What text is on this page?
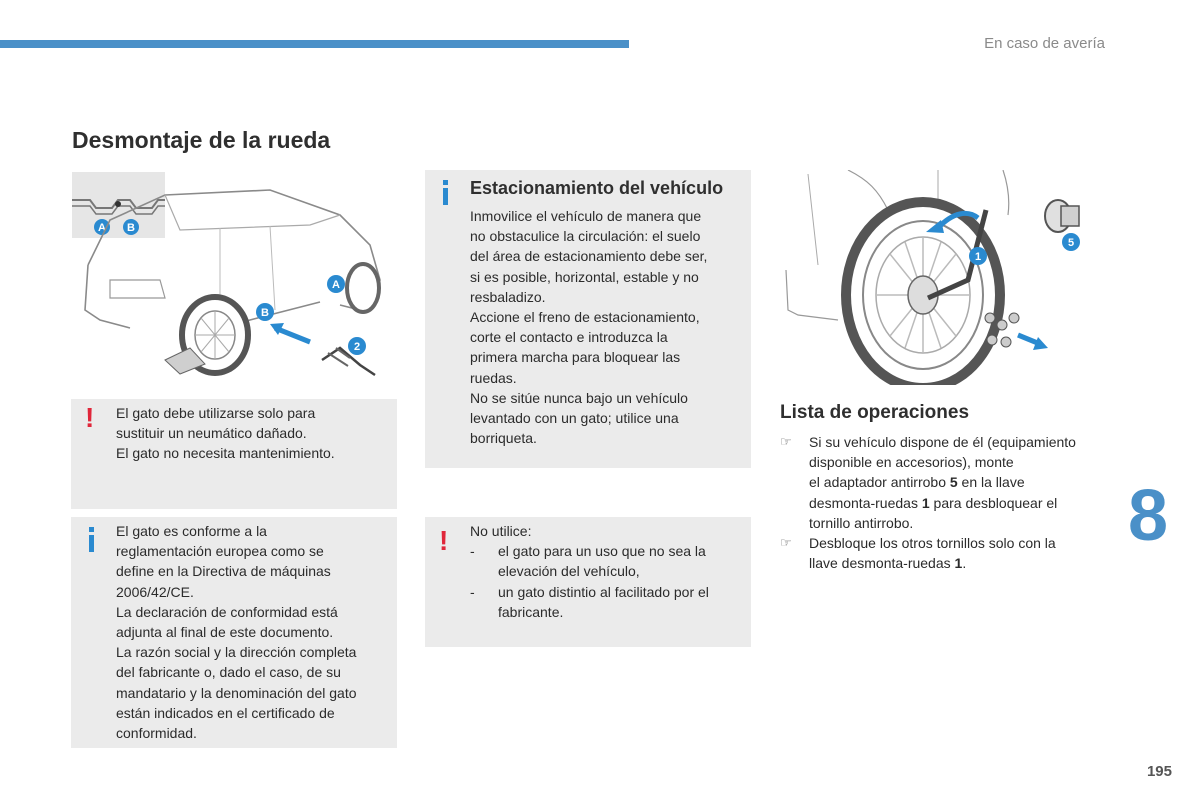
En caso de avería
Desmontaje de la rueda
A B
A
B
2
5
1
! El gato debe utilizarse solo para

sustituir un neumático dañado.

El gato no necesita mantenimiento.

El gato es conforme a la

reglamentación europea como se

define en la Directiva de máquinas

2006/42/CE.

La declaración de conformidad está

adjunta al final de este documento.

La razón social y la dirección completa

del fabricante o, dado el caso, de su

mandatario y la denominación del gato

están indicados en el certificado de

conformidad.

Estacionamiento del vehículo

Inmovilice el vehículo de manera que

no obstaculice la circulación: el suelo

del área de estacionamiento debe ser,

si es posible, horizontal, estable y no

resbaladizo.

Accione el freno de estacionamiento,

corte el contacto e introduzca la

primera marcha para bloquear las

ruedas.

No se sitúe nunca bajo un vehículo

levantado con un gato; utilice una

borriqueta.

! No utilice:

- el gato para un uso que no sea la
elevación del vehículo,
- un gato distintio al facilitado por el
fabricante.
Lista de operaciones
☞ Si su vehículo dispone de él (equipamiento
disponible en accesorios), monte
el adaptador antirrobo 5 en la llave
desmonta-ruedas 1 para desbloquear el
tornillo antirrobo.
☞ Desbloque los otros tornillos solo con la
llave desmonta-ruedas 1.
8
195
